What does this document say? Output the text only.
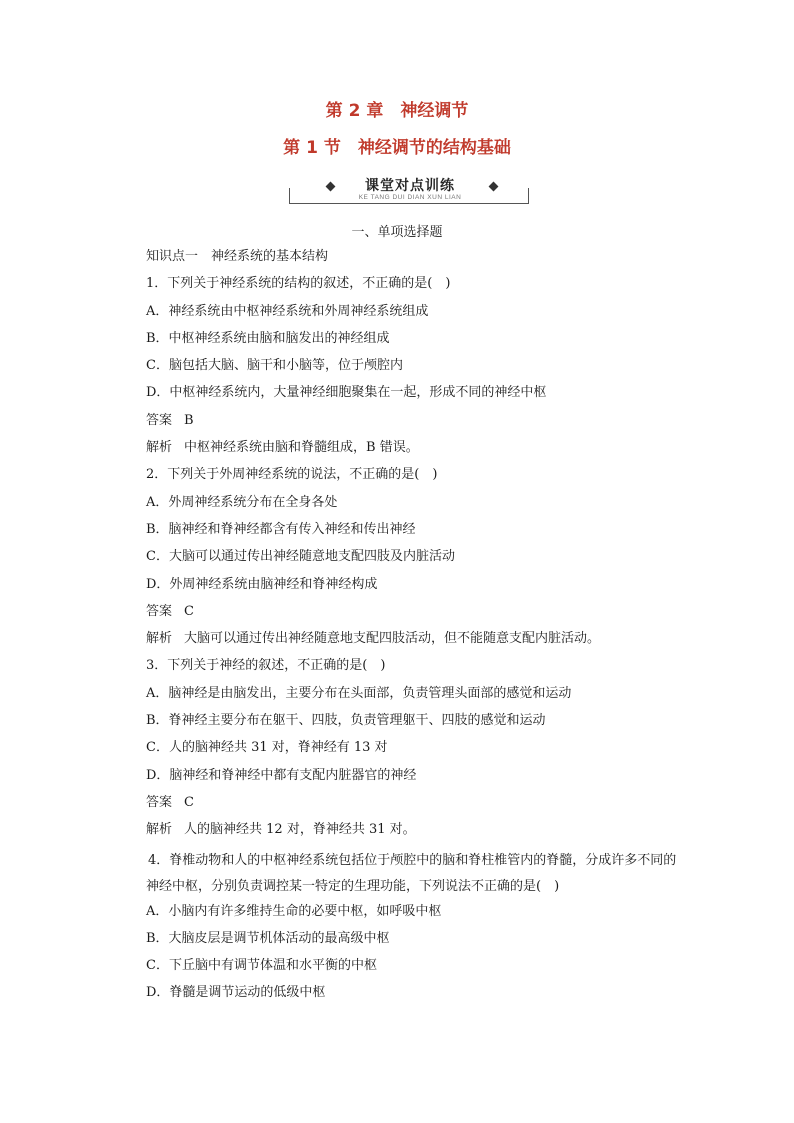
第 2 章　神经调节
第 1 节　神经调节的结构基础
课堂对点训练
KE TANG DUI DIAN XUN LIAN
一、单项选择题
知识点一　神经系统的基本结构
1．下列关于神经系统的结构的叙述，不正确的是(　)
A．神经系统由中枢神经系统和外周神经系统组成
B．中枢神经系统由脑和脑发出的神经组成
C．脑包括大脑、脑干和小脑等，位于颅腔内
D．中枢神经系统内，大量神经细胞聚集在一起，形成不同的神经中枢
答案 B
解析 中枢神经系统由脑和脊髓组成，B 错误。
2．下列关于外周神经系统的说法，不正确的是(　)
A．外周神经系统分布在全身各处
B．脑神经和脊神经都含有传入神经和传出神经
C．大脑可以通过传出神经随意地支配四肢及内脏活动
D．外周神经系统由脑神经和脊神经构成
答案 C
解析 大脑可以通过传出神经随意地支配四肢活动，但不能随意支配内脏活动。
3．下列关于神经的叙述，不正确的是(　)
A．脑神经是由脑发出，主要分布在头面部，负责管理头面部的感觉和运动
B．脊神经主要分布在躯干、四肢，负责管理躯干、四肢的感觉和运动
C．人的脑神经共 31 对，脊神经有 13 对
D．脑神经和脊神经中都有支配内脏器官的神经
答案 C
解析 人的脑神经共 12 对，脊神经共 31 对。
4．脊椎动物和人的中枢神经系统包括位于颅腔中的脑和脊柱椎管内的脊髓，分成许多不同的神经中枢，分别负责调控某一特定的生理功能，下列说法不正确的是(　)
A．小脑内有许多维持生命的必要中枢，如呼吸中枢
B．大脑皮层是调节机体活动的最高级中枢
C．下丘脑中有调节体温和水平衡的中枢
D．脊髓是调节运动的低级中枢
